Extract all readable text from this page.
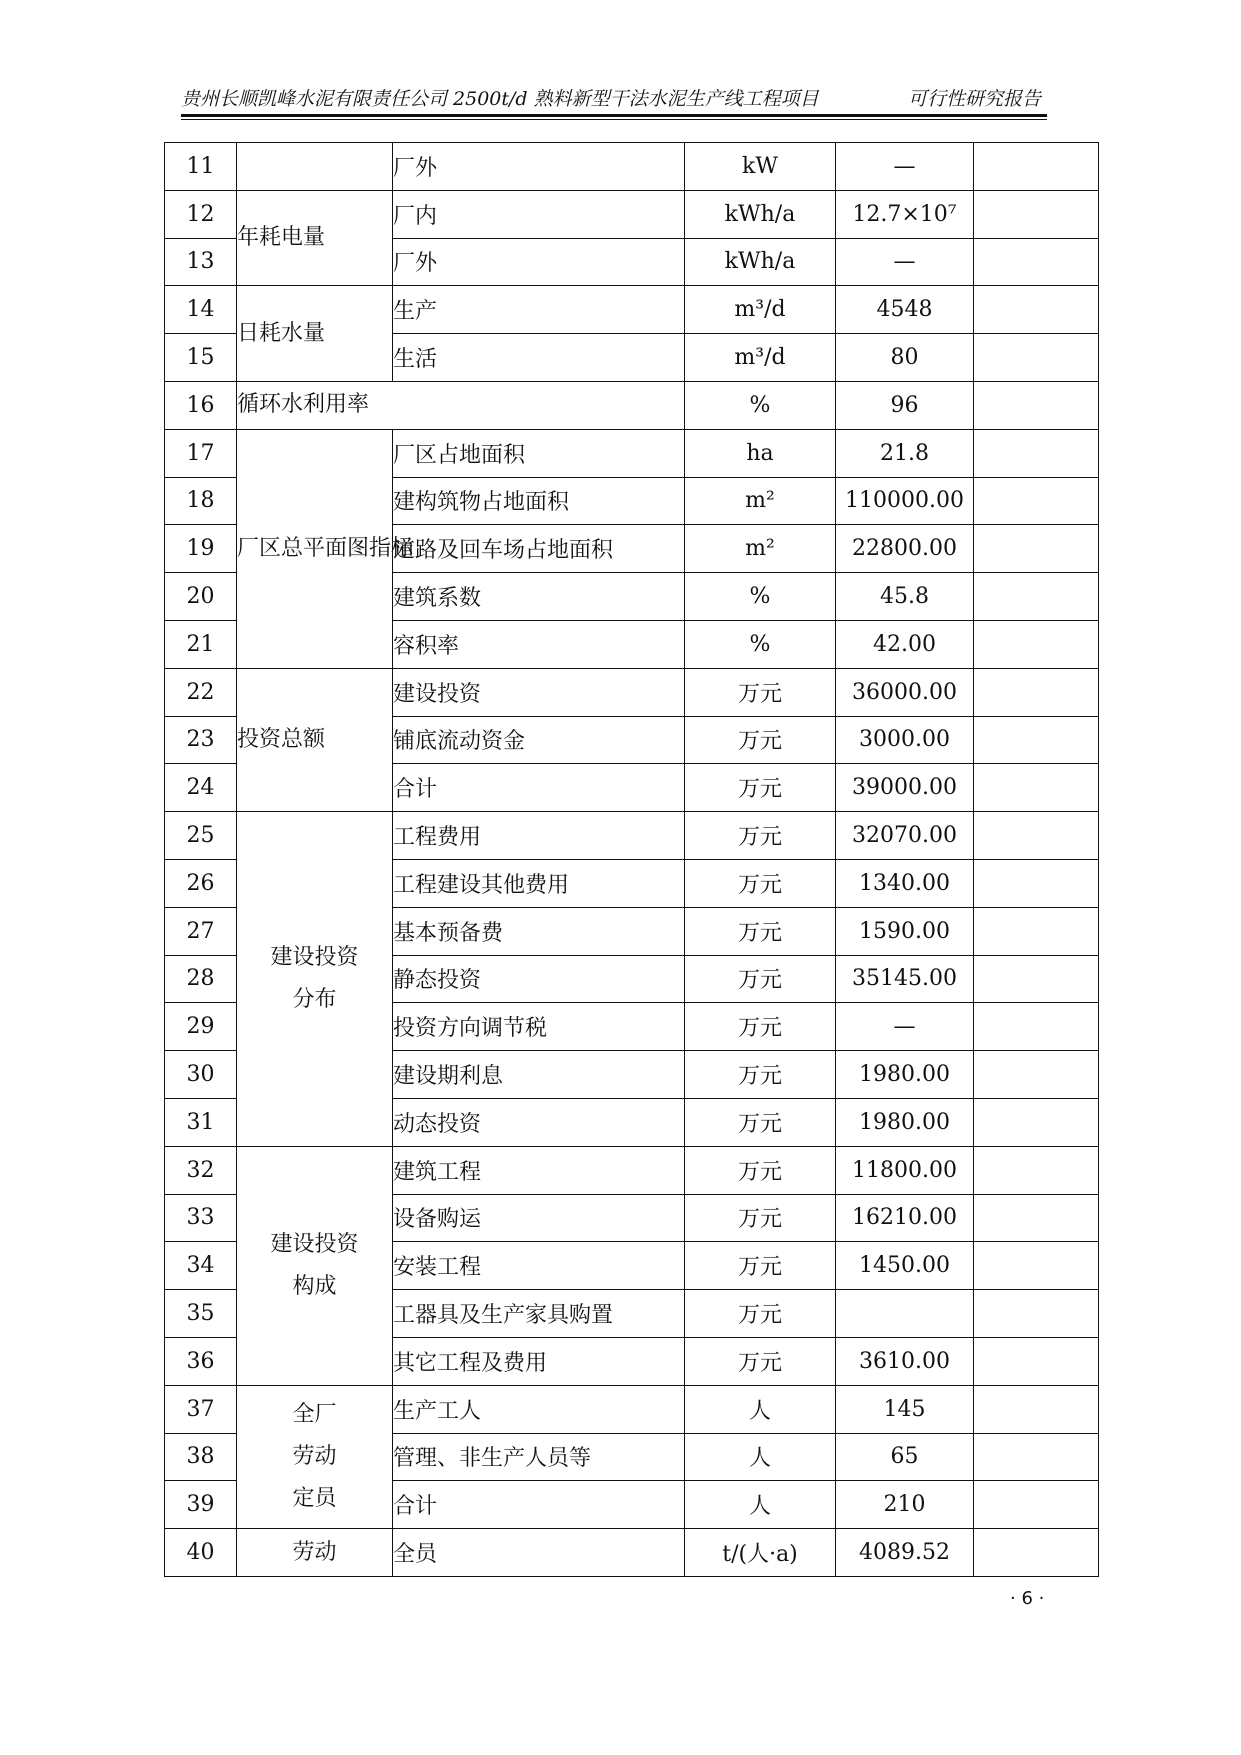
贵州长顺凯峰水泥有限责任公司 2500t/d 熟料新型干法水泥生产线工程项目	可行性研究报告
11		厂外	kW	—	
12	年耗电量	厂内	kWh/a	12.7×10⁷	
13		厂外	kWh/a	—	
14	日耗水量	生产	m³/d	4548	
15		生活	m³/d	80	
16	循环水利用率		%	96	
17	厂区总平面图指标	厂区占地面积	ha	21.8	
18		建构筑物占地面积	m²	110000.00	
19		道路及回车场占地面积	m²	22800.00	
20		建筑系数	%	45.8	
21		容积率	%	42.00	
22	投资总额	建设投资	万元	36000.00	
23		铺底流动资金	万元	3000.00	
24		合计	万元	39000.00	
25	建设投资分布	工程费用	万元	32070.00	
26		工程建设其他费用	万元	1340.00	
27		基本预备费	万元	1590.00	
28		静态投资	万元	35145.00	
29		投资方向调节税	万元	—	
30		建设期利息	万元	1980.00	
31		动态投资	万元	1980.00	
32	建设投资构成	建筑工程	万元	11800.00	
33		设备购运	万元	16210.00	
34		安装工程	万元	1450.00	
35		工器具及生产家具购置	万元		
36		其它工程及费用	万元	3610.00	
37	全厂劳动定员	生产工人	人	145	
38		管理、非生产人员等	人	65	
39		合计	人	210	
40	劳动	全员	t/(人·a)	4089.52	
· 6 ·
